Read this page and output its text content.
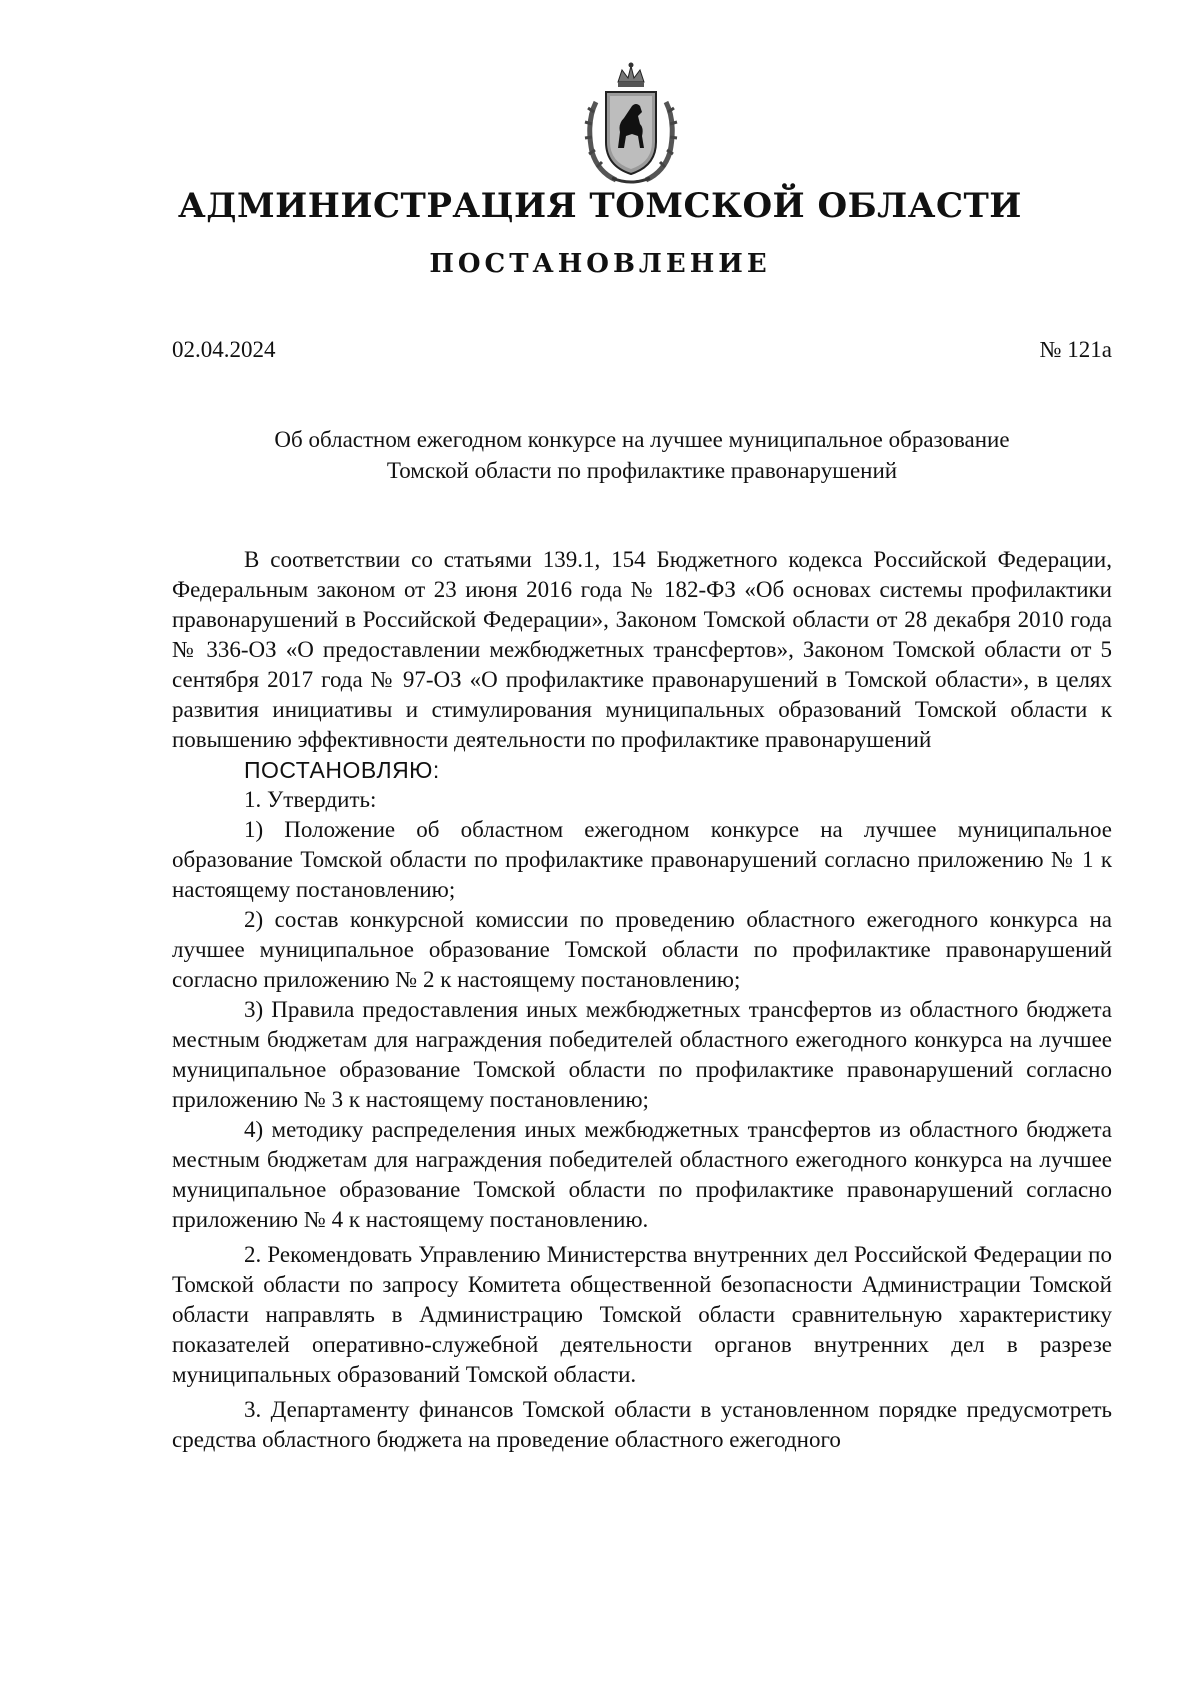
АДМИНИСТРАЦИЯ ТОМСКОЙ ОБЛАСТИ
ПОСТАНОВЛЕНИЕ
02.04.2024	№ 121а
Об областном ежегодном конкурсе на лучшее муниципальное образование
Томской области по профилактике правонарушений

В соответствии со статьями 139.1, 154 Бюджетного кодекса Российской Федерации, Федеральным законом от 23 июня 2016 года № 182-ФЗ «Об основах системы профилактики правонарушений в Российской Федерации», Законом Томской области от 28 декабря 2010 года № 336-ОЗ «О предоставлении межбюджетных трансфертов», Законом Томской области от 5 сентября 2017 года № 97-ОЗ «О профилактике правонарушений в Томской области», в целях развития инициативы и стимулирования муниципальных образований Томской области к повышению эффективности деятельности по профилактике правонарушений

ПОСТАНОВЛЯЮ:

1. Утвердить:

1) Положение об областном ежегодном конкурсе на лучшее муниципальное образование Томской области по профилактике правонарушений согласно приложению № 1 к настоящему постановлению;

2) состав конкурсной комиссии по проведению областного ежегодного конкурса на лучшее муниципальное образование Томской области по профилактике правонарушений согласно приложению № 2 к настоящему постановлению;

3) Правила предоставления иных межбюджетных трансфертов из областного бюджета местным бюджетам для награждения победителей областного ежегодного конкурса на лучшее муниципальное образование Томской области по профилактике правонарушений согласно приложению № 3 к настоящему постановлению;

4) методику распределения иных межбюджетных трансфертов из областного бюджета местным бюджетам для награждения победителей областного ежегодного конкурса на лучшее муниципальное образование Томской области по профилактике правонарушений согласно приложению № 4 к настоящему постановлению.

2. Рекомендовать Управлению Министерства внутренних дел Российской Федерации по Томской области по запросу Комитета общественной безопасности Администрации Томской области направлять в Администрацию Томской области сравнительную характеристику показателей оперативно-служебной деятельности органов внутренних дел в разрезе муниципальных образований Томской области.

3. Департаменту финансов Томской области в установленном порядке предусмотреть средства областного бюджета на проведение областного ежегодного
